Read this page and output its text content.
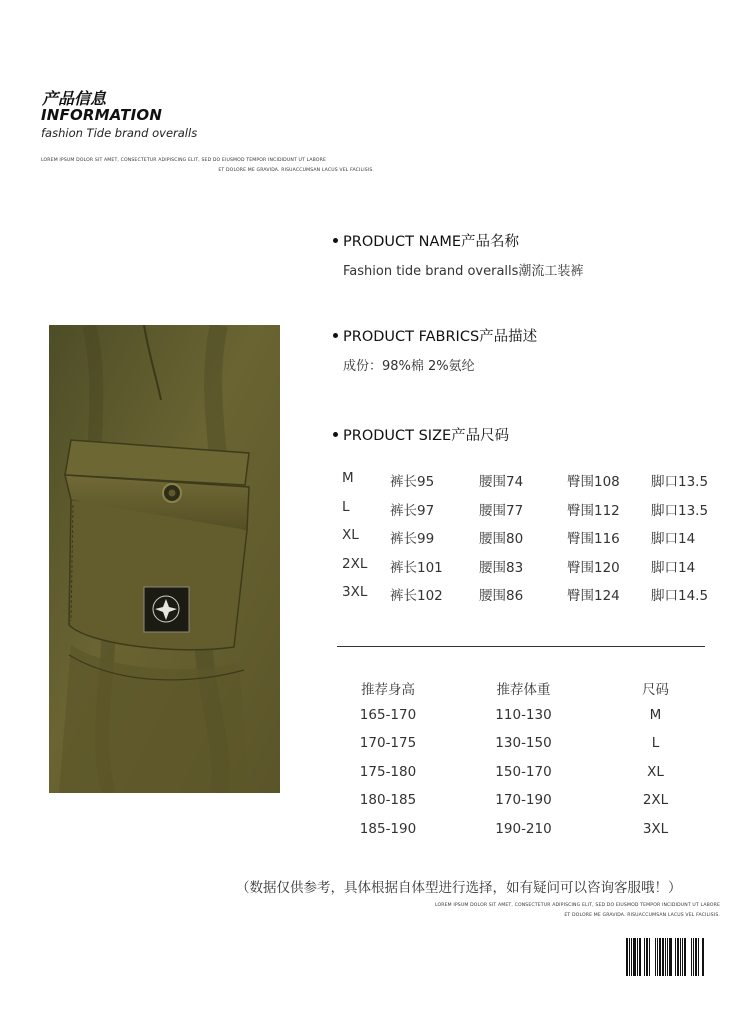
产品信息
INFORMATION
fashion Tide brand overalls
LOREM IPSUM DOLOR SIT AMET, CONSECTETUR ADIPISCING ELIT, SED DO EIUSMOD TEMPOR INCIDIDUNT UT LABORE
ET DOLORE ME GRAVIDA. RISUACCUMSAN LACUS VEL FACILISIS.
PRODUCT NAME产品名称
Fashion tide brand overalls潮流工装裤
PRODUCT FABRICS产品描述
成份：98%棉 2%氨纶
PRODUCT SIZE产品尺码
M	裤长95	腰围74	臀围108 脚口13.5
L	裤长97	腰围77	臀围112 脚口13.5
XL 裤长99	腰围80	臀围116 脚口14
2XL 裤长101	腰围83	臀围120 脚口14
3XL 裤长102	腰围86	臀围124 脚口14.5
推荐身高	推荐体重	尺码
165-170	110-130	M
170-175	130-150	L
175-180	150-170	XL
180-185	170-190	2XL
185-190	190-210	3XL
（数据仅供参考，具体根据自体型进行选择，如有疑问可以咨询客服哦！）
LOREM IPSUM DOLOR SIT AMET, CONSECTETUR ADIPISCING ELIT, SED DO EIUSMOD TEMPOR INCIDIDUNT UT LABORE
ET DOLORE ME GRAVIDA. RISUACCUMSAN LACUS VEL FACILISIS.
